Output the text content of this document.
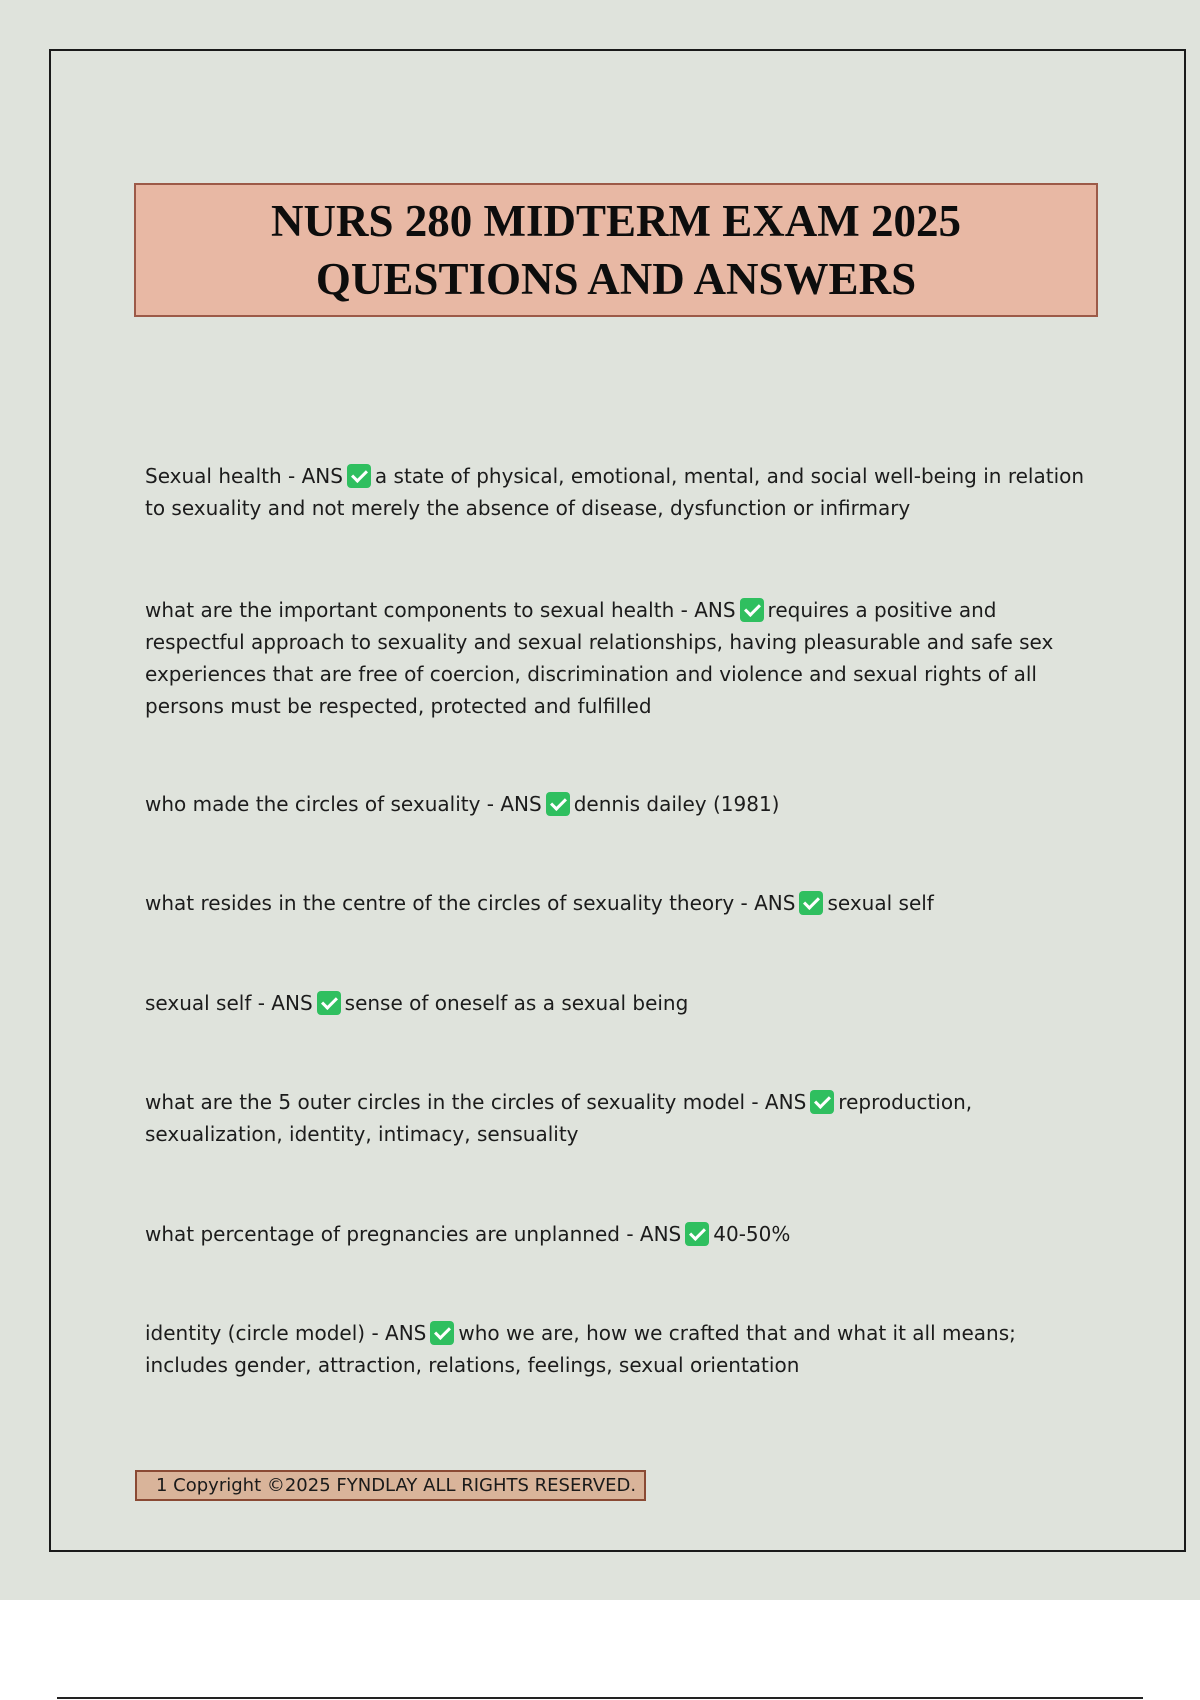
NURS 280 MIDTERM EXAM 2025
QUESTIONS AND ANSWERS
Sexual health - ANS a state of physical, emotional, mental, and social well-being in relation to sexuality and not merely the absence of disease, dysfunction or infirmary
what are the important components to sexual health - ANS requires a positive and respectful approach to sexuality and sexual relationships, having pleasurable and safe sex experiences that are free of coercion, discrimination and violence and sexual rights of all persons must be respected, protected and fulfilled
who made the circles of sexuality - ANS dennis dailey (1981)
what resides in the centre of the circles of sexuality theory - ANS sexual self
sexual self - ANS sense of oneself as a sexual being
what are the 5 outer circles in the circles of sexuality model - ANS reproduction, sexualization, identity, intimacy, sensuality
what percentage of pregnancies are unplanned - ANS 40-50%
identity (circle model) - ANS who we are, how we crafted that and what it all means; includes gender, attraction, relations, feelings, sexual orientation
1 Copyright ©2025 FYNDLAY ALL RIGHTS RESERVED.
